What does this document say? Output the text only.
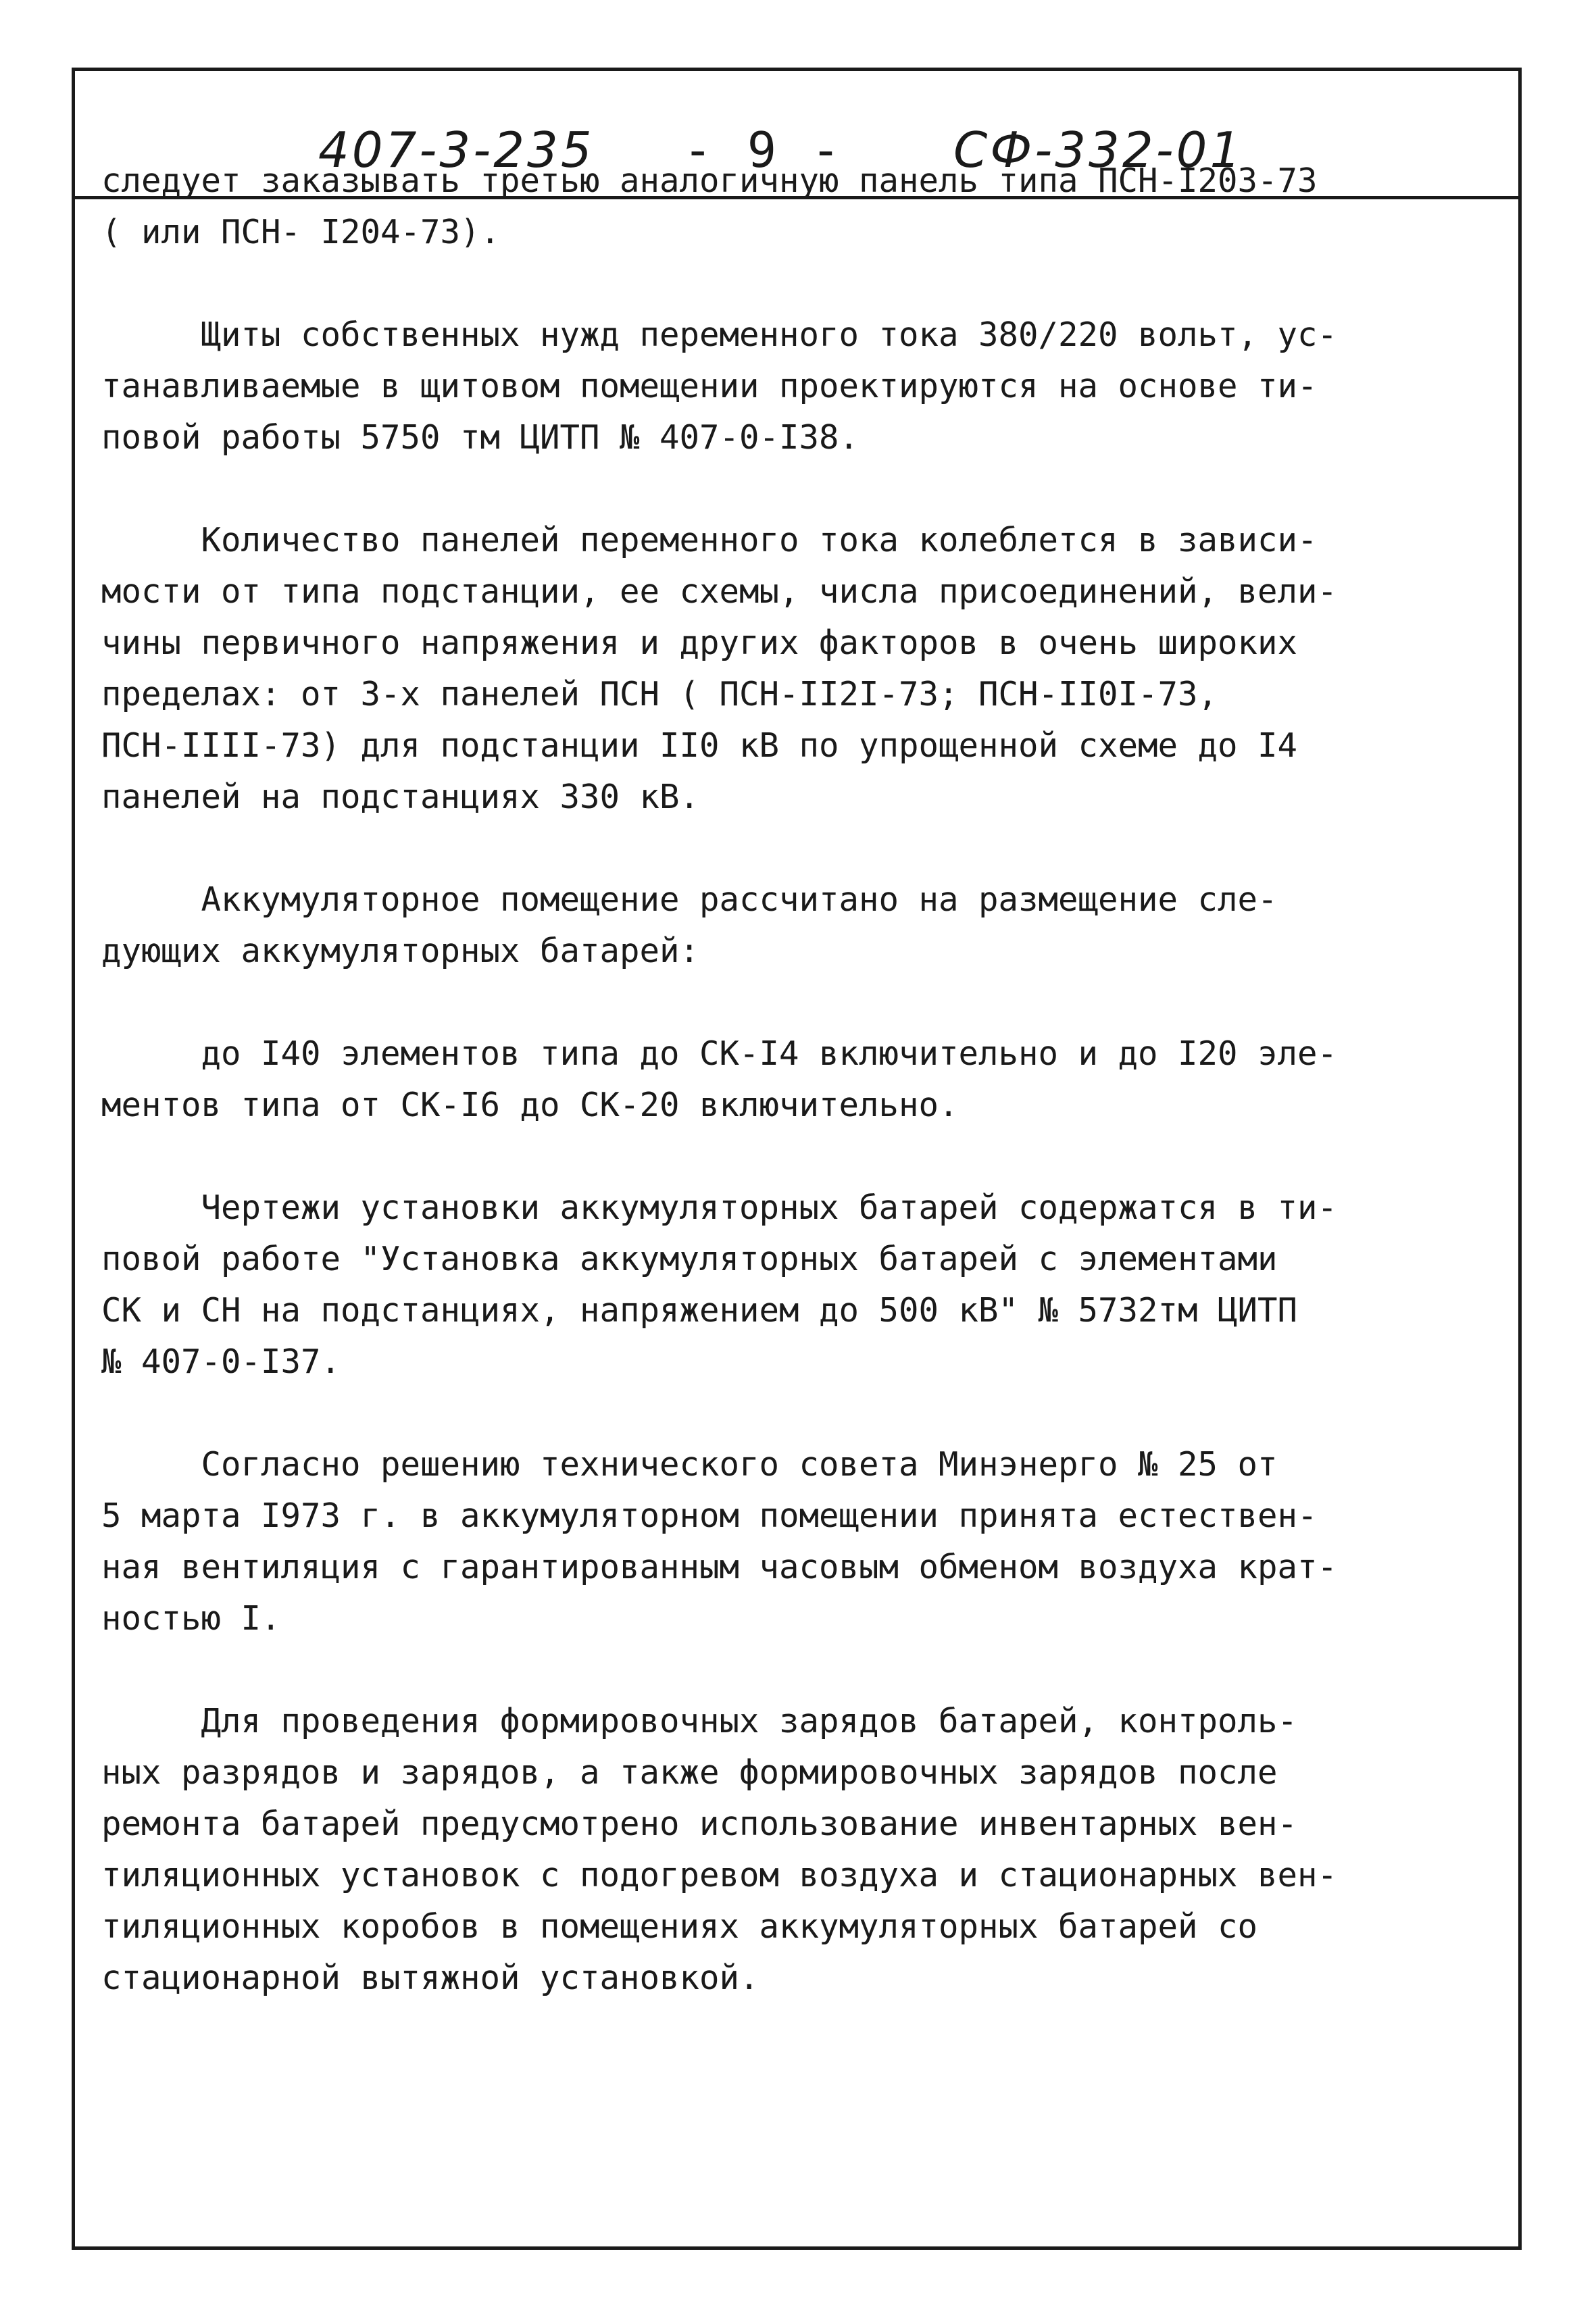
407-3-235 - 9 - СФ-332-01
следует заказывать третью аналогичную панель типа ПСН-I203-73
( или ПСН- I204-73).
Щиты собственных нужд переменного тока 380/220 вольт, ус-
танавливаемые в щитовом помещении проектируются на основе ти-
повой работы 5750 тм ЦИТП № 407-0-I38.
Количество панелей переменного тока колеблется в зависи-
мости от типа подстанции, ее схемы, числа присоединений, вели-
чины первичного напряжения и других факторов в очень широких
пределах: от 3-х панелей ПСН ( ПСН-II2I-73; ПСН-II0I-73,
ПСН-IIII-73) для подстанции II0 кВ по упрощенной схеме до I4
панелей на подстанциях 330 кВ.
Аккумуляторное помещение рассчитано на размещение сле-
дующих аккумуляторных батарей:
до I40 элементов типа до СК-I4 включительно и до I20 эле-
ментов типа от СК-I6 до СК-20 включительно.
Чертежи установки аккумуляторных батарей содержатся в ти-
повой работе "Установка аккумуляторных батарей с элементами
СК и СН на подстанциях, напряжением до 500 кВ" № 5732тм ЦИТП
№ 407-0-I37.
Согласно решению технического совета Минэнерго № 25 от
5 марта I973 г. в аккумуляторном помещении принята естествен-
ная вентиляция с гарантированным часовым обменом воздуха крат-
ностью I.
Для проведения формировочных зарядов батарей, контроль-
ных разрядов и зарядов, а также формировочных зарядов после
ремонта батарей предусмотрено использование инвентарных вен-
тиляционных установок с подогревом воздуха и стационарных вен-
тиляционных коробов в помещениях аккумуляторных батарей со
стационарной вытяжной установкой.
